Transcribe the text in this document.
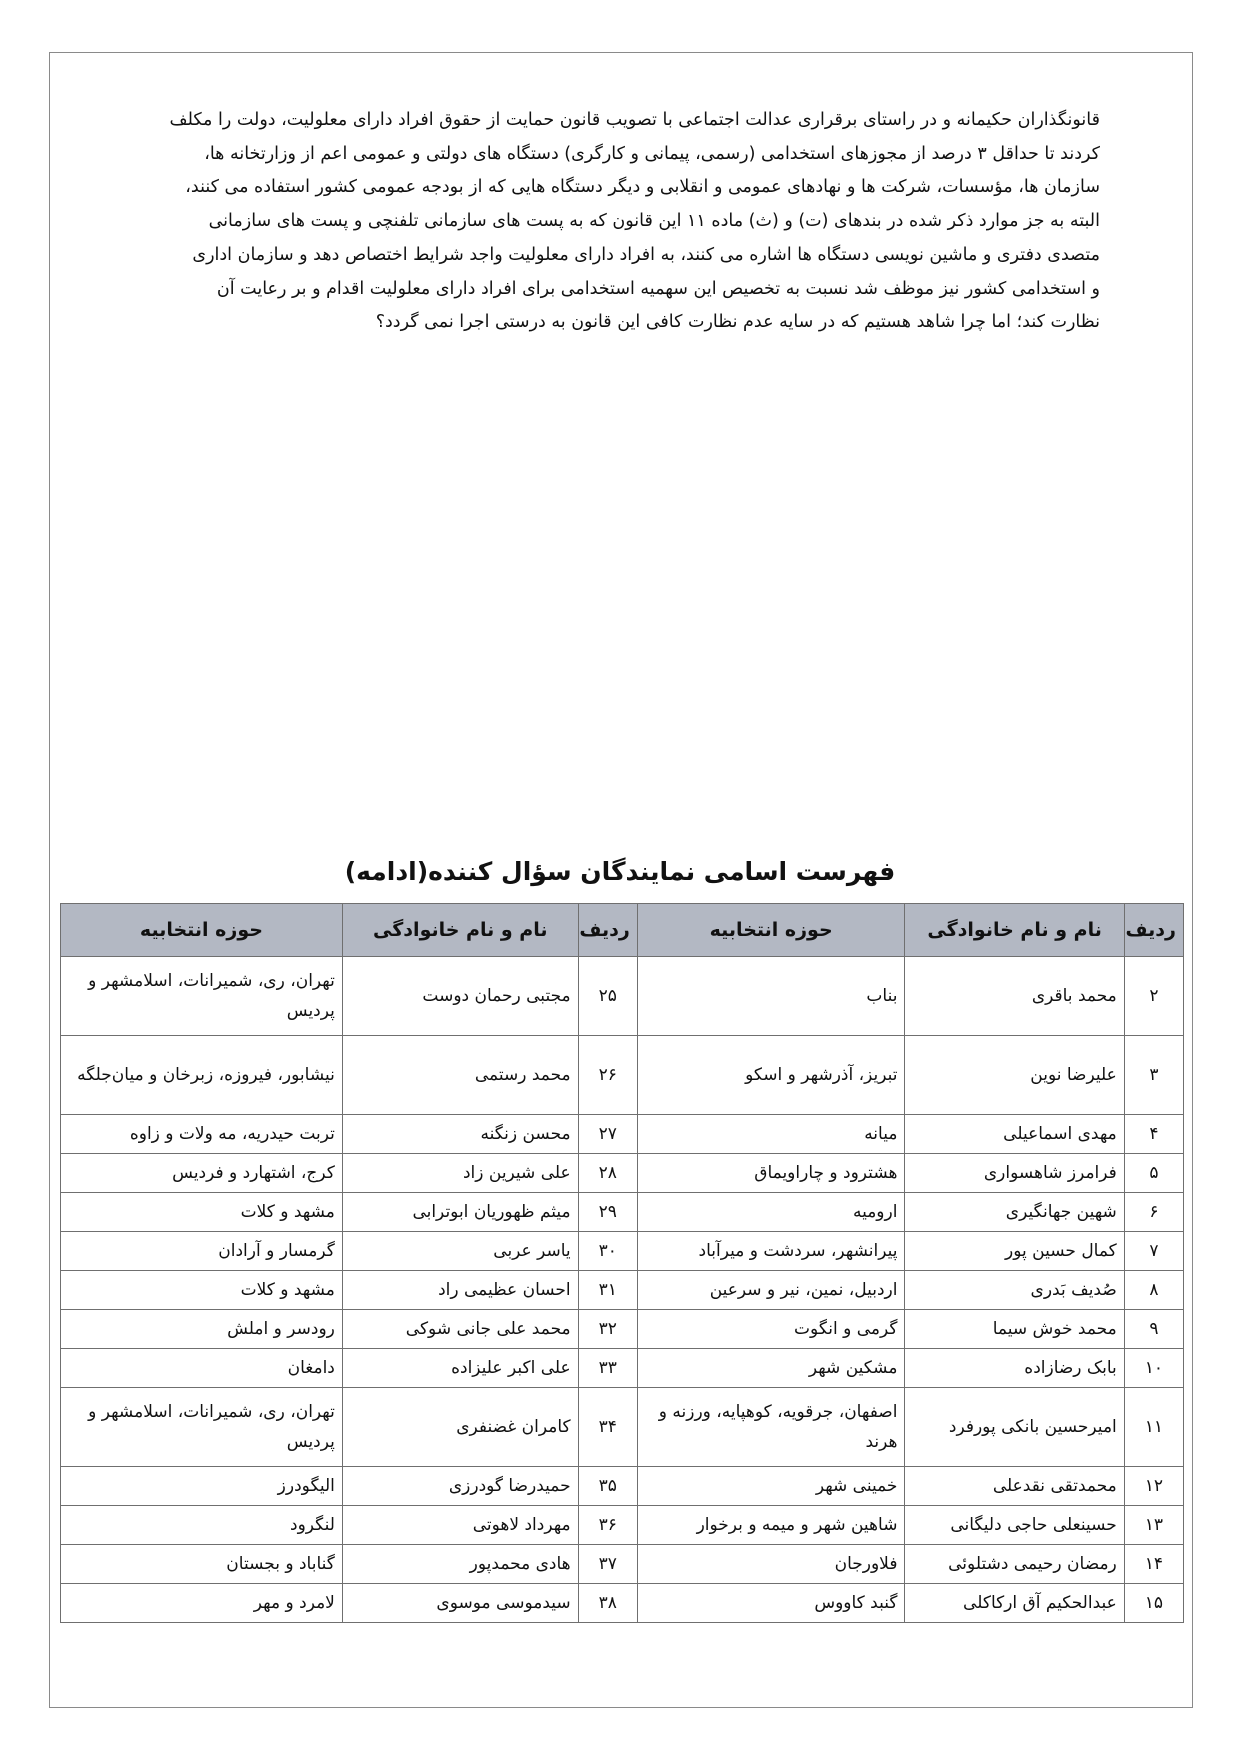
قانونگذاران حکیمانه و در راستای برقراری عدالت اجتماعی با تصویب قانون حمایت از حقوق افراد دارای معلولیت، دولت را مکلف
کردند تا حداقل ۳ درصد از مجوزهای استخدامی (رسمی، پیمانی و کارگری) دستگاه های دولتی و عمومی اعم از وزارتخانه ها،
سازمان ها، مؤسسات، شرکت ها و نهادهای عمومی و انقلابی و دیگر دستگاه هایی که از بودجه عمومی کشور استفاده می کنند،
البته به جز موارد ذکر شده در بندهای (ت) و (ث) ماده ۱۱ این قانون که به پست های سازمانی تلفنچی و پست های سازمانی
متصدی دفتری و ماشین نویسی دستگاه ها اشاره می کنند، به افراد دارای معلولیت واجد شرایط اختصاص دهد و سازمان اداری
و استخدامی کشور نیز موظف شد نسبت به تخصیص این سهمیه استخدامی برای افراد دارای معلولیت اقدام و بر رعایت آن
نظارت کند؛ اما چرا شاهد هستیم که در سایه عدم نظارت کافی این قانون به درستی اجرا نمی گردد؟
فهرست اسامی نمایندگان سؤال کننده(ادامه)
ردیف	نام و نام خانوادگی	حوزه انتخابیه	ردیف	نام و نام خانوادگی	حوزه انتخابیه
۲	محمد باقری	بناب	۲۵	مجتبی رحمان دوست	تهران، ری، شمیرانات، اسلامشهر و پردیس
۳	علیرضا نوین	تبریز، آذرشهر و اسکو	۲۶	محمد رستمی	نیشابور، فیروزه، زبرخان و میان‌جلگه
۴	مهدی اسماعیلی	میانه	۲۷	محسن زنگنه	تربت حیدریه، مه ولات و زاوه
۵	فرامرز شاهسواری	هشترود و چاراویماق	۲۸	علی شیرین زاد	کرج، اشتهارد و فردیس
۶	شهین جهانگیری	ارومیه	۲۹	میثم ظهوریان ابوترابی	مشهد و کلات
۷	کمال حسین پور	پیرانشهر، سردشت و میرآباد	۳۰	یاسر عربی	گرمسار و آرادان
۸	صُدیف بَدری	اردبیل، نمین، نیر و سرعین	۳۱	احسان عظیمی راد	مشهد و کلات
۹	محمد خوش سیما	گرمی و انگوت	۳۲	محمد علی جانی شوکی	رودسر و املش
۱۰	بابک رضازاده	مشکین شهر	۳۳	علی اکبر علیزاده	دامغان
۱۱	امیرحسین بانکی پورفرد	اصفهان، جرقویه، کوهپایه، ورزنه و هرند	۳۴	کامران غضنفری	تهران، ری، شمیرانات، اسلامشهر و پردیس
۱۲	محمدتقی نقدعلی	خمینی شهر	۳۵	حمیدرضا گودرزی	الیگودرز
۱۳	حسینعلی حاجی دلیگانی	شاهین شهر و میمه و برخوار	۳۶	مهرداد لاهوتی	لنگرود
۱۴	رمضان رحیمی دشتلوئی	فلاورجان	۳۷	هادی محمدپور	گناباد و بجستان
۱۵	عبدالحکیم آق ارکاکلی	گنبد کاووس	۳۸	سیدموسی موسوی	لامرد و مهر
